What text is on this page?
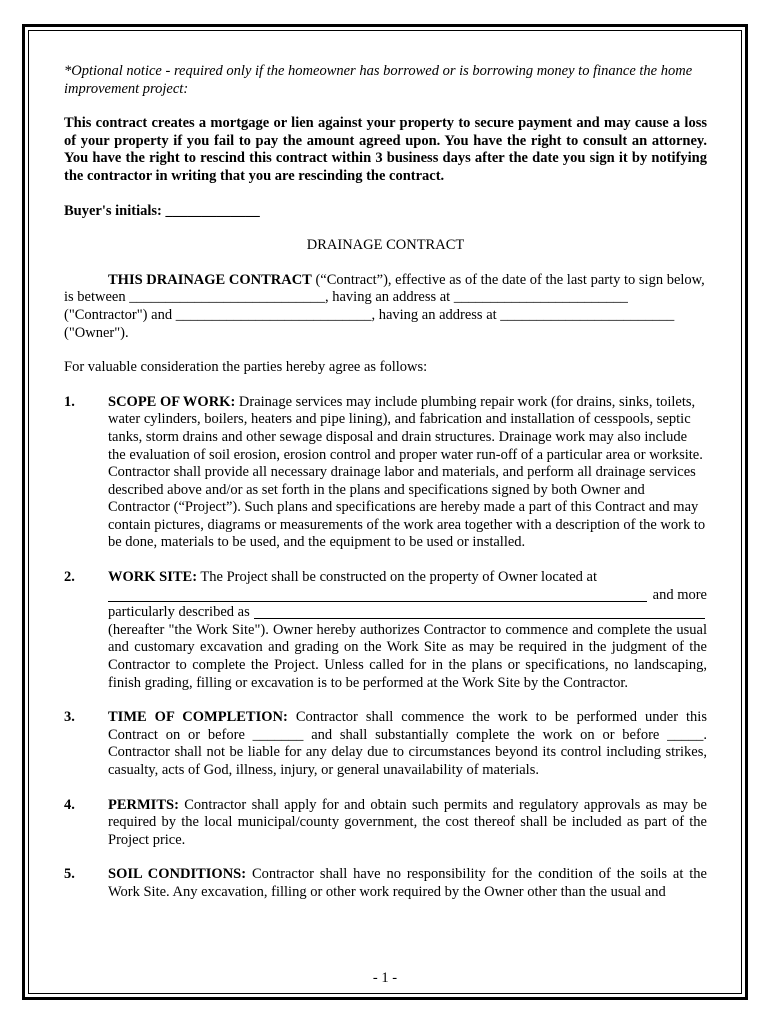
*Optional notice - required only if the homeowner has borrowed or is borrowing money to finance the home improvement project:

This contract creates a mortgage or lien against your property to secure payment and may cause a loss of your property if you fail to pay the amount agreed upon. You have the right to consult an attorney. You have the right to rescind this contract within 3 business days after the date you sign it by notifying the contractor in writing that you are rescinding the contract.

Buyer's initials: _____________

DRAINAGE CONTRACT

THIS DRAINAGE CONTRACT (“Contract”), effective as of the date of the last party to sign below, is between ___________________________, having an address at ________________________ ("Contractor") and ___________________________, having an address at ________________________ ("Owner").

For valuable consideration the parties hereby agree as follows:

1.	SCOPE OF WORK: Drainage services may include plumbing repair work (for drains, sinks, toilets, water cylinders, boilers, heaters and pipe lining), and fabrication and installation of cesspools, septic tanks, storm drains and other sewage disposal and drain structures. Drainage work may also include the evaluation of soil erosion, erosion control and proper water run-off of a particular area or worksite. Contractor shall provide all necessary drainage labor and materials, and perform all drainage services described above and/or as set forth in the plans and specifications signed by both Owner and Contractor (“Project”). Such plans and specifications are hereby made a part of this Contract and may contain pictures, diagrams or measurements of the work area together with a description of the work to be done, materials to be used, and the equipment to be used or installed.
2.	WORK SITE: The Project shall be constructed on the property of Owner located at
and more
particularly described as
(hereafter "the Work Site"). Owner hereby authorizes Contractor to commence and complete the usual and customary excavation and grading on the Work Site as may be required in the judgment of the Contractor to complete the Project. Unless called for in the plans or specifications, no landscaping, finish grading, filling or excavation is to be performed at the Work Site by the Contractor.
3.	TIME OF COMPLETION: Contractor shall commence the work to be performed under this Contract on or before _______ and shall substantially complete the work on or before _____. Contractor shall not be liable for any delay due to circumstances beyond its control including strikes, casualty, acts of God, illness, injury, or general unavailability of materials.
4.	PERMITS: Contractor shall apply for and obtain such permits and regulatory approvals as may be required by the local municipal/county government, the cost thereof shall be included as part of the Project price.
5.	SOIL CONDITIONS: Contractor shall have no responsibility for the condition of the soils at the Work Site. Any excavation, filling or other work required by the Owner other than the usual and
- 1 -
